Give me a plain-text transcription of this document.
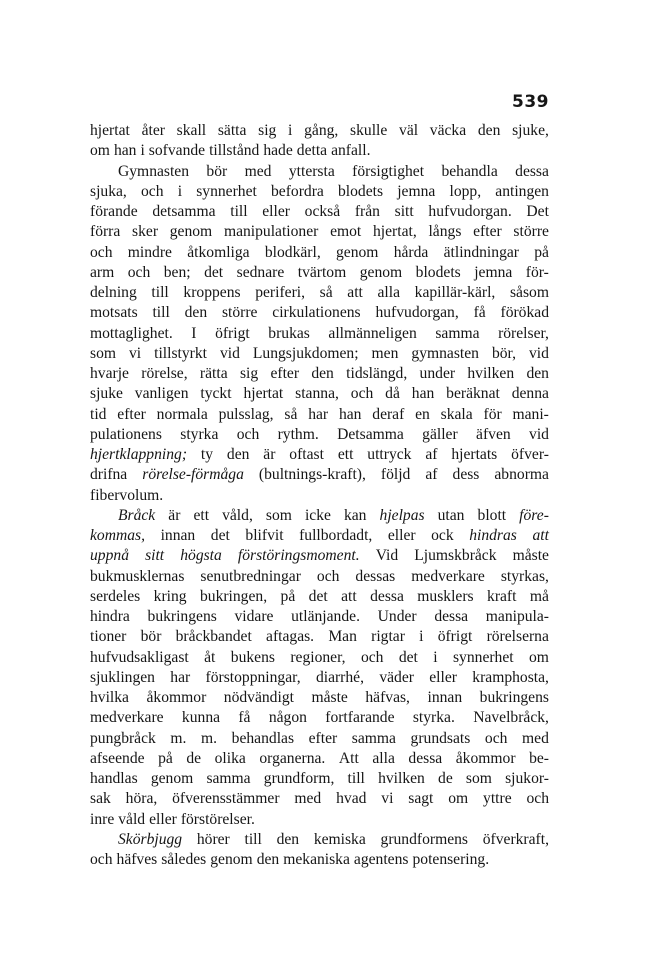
539
hjertat åter skall sätta sig i gång, skulle väl väcka den sjuke,
om han i sofvande tillstånd hade detta anfall.
Gymnasten bör med yttersta försigtighet behandla dessa
sjuka, och i synnerhet befordra blodets jemna lopp, antingen
förande detsamma till eller också från sitt hufvudorgan. Det
förra sker genom manipulationer emot hjertat, långs efter större
och mindre åtkomliga blodkärl, genom hårda ätlindningar på
arm och ben; det sednare tvärtom genom blodets jemna för-
delning till kroppens periferi, så att alla kapillär-kärl, såsom
motsats till den större cirkulationens hufvudorgan, få förökad
mottaglighet. I öfrigt brukas allmänneligen samma rörelser,
som vi tillstyrkt vid Lungsjukdomen; men gymnasten bör, vid
hvarje rörelse, rätta sig efter den tidslängd, under hvilken den
sjuke vanligen tyckt hjertat stanna, och då han beräknat denna
tid efter normala pulsslag, så har han deraf en skala för mani-
pulationens styrka och rythm. Detsamma gäller äfven vid
hjertklappning; ty den är oftast ett uttryck af hjertats öfver-
drifna rörelse-förmåga (bultnings-kraft), följd af dess abnorma
fibervolum.
Bråck är ett våld, som icke kan hjelpas utan blott före-
kommas, innan det blifvit fullbordadt, eller ock hindras att
uppnå sitt högsta förstöringsmoment. Vid Ljumskbråck måste
bukmusklernas senutbredningar och dessas medverkare styrkas,
serdeles kring bukringen, på det att dessa musklers kraft må
hindra bukringens vidare utlänjande. Under dessa manipula-
tioner bör bråckbandet aftagas. Man rigtar i öfrigt rörelserna
hufvudsakligast åt bukens regioner, och det i synnerhet om
sjuklingen har förstoppningar, diarrhé, väder eller kramphosta,
hvilka åkommor nödvändigt måste häfvas, innan bukringens
medverkare kunna få någon fortfarande styrka. Navelbråck,
pungbråck m. m. behandlas efter samma grundsats och med
afseende på de olika organerna. Att alla dessa åkommor be-
handlas genom samma grundform, till hvilken de som sjukor-
sak höra, öfverensstämmer med hvad vi sagt om yttre och
inre våld eller förstörelser.
Skörbjugg hörer till den kemiska grundformens öfverkraft,
och häfves således genom den mekaniska agentens potensering.
